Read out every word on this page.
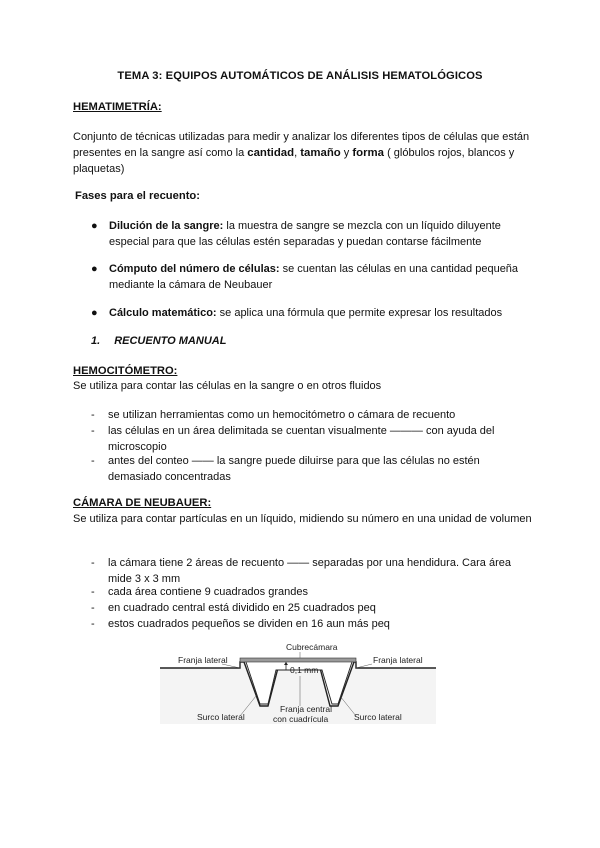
TEMA 3: EQUIPOS AUTOMÁTICOS DE ANÁLISIS HEMATOLÓGICOS
HEMATIMETRÍA:
Conjunto de técnicas utilizadas para medir y analizar los diferentes tipos de células que están presentes en la sangre así como la cantidad, tamaño y forma ( glóbulos rojos, blancos y plaquetas)
Fases para el recuento:
● Dilución de la sangre: la muestra de sangre se mezcla con un líquido diluyente especial para que las células estén separadas y puedan contarse fácilmente
● Cómputo del número de células: se cuentan las células en una cantidad pequeña mediante la cámara de Neubauer
● Cálculo matemático: se aplica una fórmula que permite expresar los resultados
1. RECUENTO MANUAL
HEMOCITÓMETRO:
Se utiliza para contar las células en la sangre o en otros fluidos
- se utilizan herramientas como un hemocitómetro o cámara de recuento
- las células en un área delimitada se cuentan visualmente ——— con ayuda del microscopio
- antes del conteo —— la sangre puede diluirse para que las células no estén demasiado concentradas
CÁMARA DE NEUBAUER:
Se utiliza para contar partículas en un líquido, midiendo su número en una unidad de volumen
- la cámara tiene 2 áreas de recuento —— separadas por una hendidura. Cara área mide 3 x 3 mm
- cada área contiene 9 cuadrados grandes
- en cuadrado central está dividido en 25 cuadrados peq
- estos cuadrados pequeños se dividen en 16 aun más peq
Cubrecámara
Franja lateral	Franja lateral
0,1 mm
Franja central
con cuadrícula
Surco lateral	Surco lateral
